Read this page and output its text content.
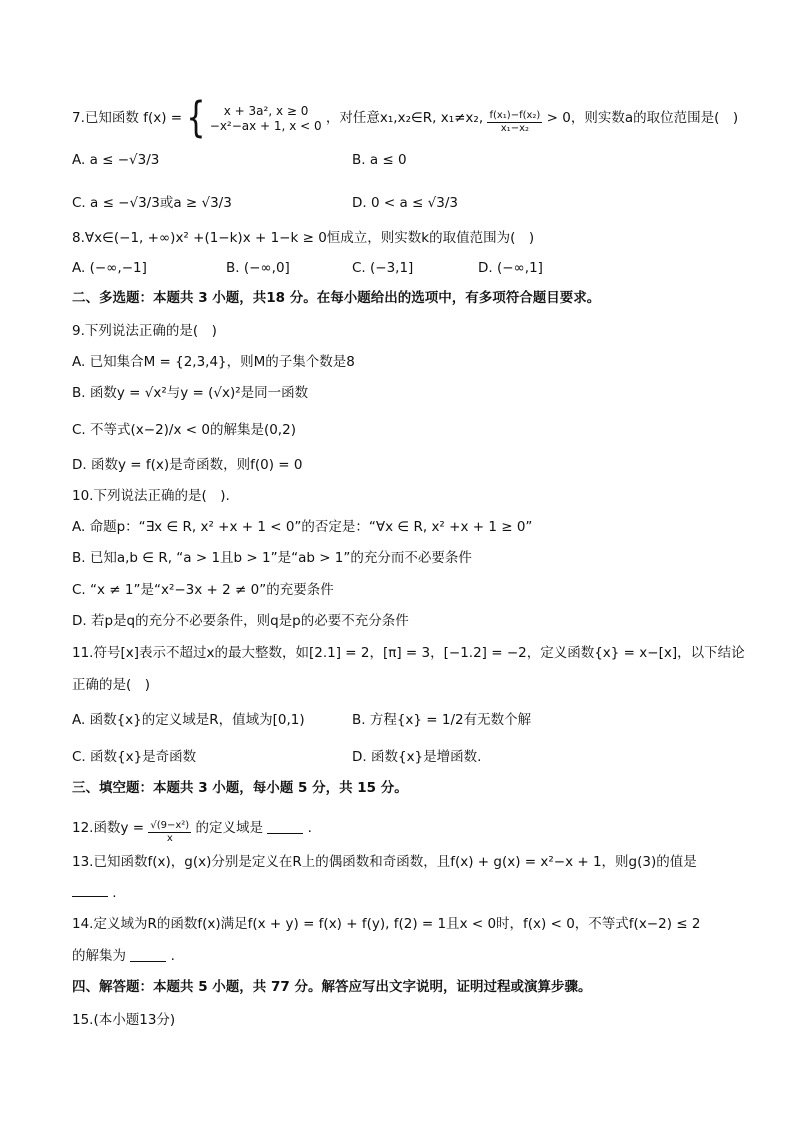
7.已知函数 f(x) = {	x + 3a², x ≥ 0
−x²−ax + 1, x < 0 ，对任意x₁,x₂∈R, x₁≠x₂, $\frac{\text{f(x₁)−f(x₂)}}{\text{x₁−x₂}} > 0$，则实数a的取位范围是(　)
A. a ≤ −√3/3	B. a ≤ 0
C. a ≤ −√3/3或a ≥ √3/3	D. 0 < a ≤ √3/3
8.∀x∈(−1, +∞)x² +(1−k)x + 1−k ≥ 0恒成立，则实数k的取值范围为(　)
A. (−∞,−1]	B. (−∞,0]	C. (−3,1]	D. (−∞,1]
二、多选题：本题共 3 小题，共18 分。在每小题给出的选项中，有多项符合题目要求。
9.下列说法正确的是(　)
A. 已知集合M = {2,3,4}，则M的子集个数是8
B. 函数y = √x²与y = (√x)²是同一函数
C. 不等式(x−2)/x < 0的解集是(0,2)
D. 函数y = f(x)是奇函数，则f(0) = 0
10.下列说法正确的是(　).
A. 命题p：“∃x ∈ R, x² +x + 1 < 0”的否定是：“∀x ∈ R, x² +x + 1 ≥ 0”
B. 已知a,b ∈ R, “a > 1且b > 1”是“ab > 1”的充分而不必要条件
C. “x ≠ 1”是“x²−3x + 2 ≠ 0”的充要条件
D. 若p是q的充分不必要条件，则q是p的必要不充分条件
11.符号[x]表示不超过x的最大整数，如[2.1] = 2，[π] = 3，[−1.2] = −2，定义函数{x} = x−[x]，以下结论
正确的是(　)
A. 函数{x}的定义域是R，值域为[0,1)	B. 方程{x} = 1/2有无数个解
C. 函数{x}是奇函数	D. 函数{x}是增函数.
三、填空题：本题共 3 小题，每小题 5 分，共 15 分。
12.函数$y = \frac{\text{√(9−x²)}}{x}$ 的定义域是	.
13.已知函数f(x)，g(x)分别是定义在R上的偶函数和奇函数，且f(x) + g(x) = x²−x + 1，则g(3)的值是
.
14.定义域为R的函数f(x)满足f(x + y) = f(x) + f(y), f(2) = 1且x < 0时，f(x) < 0，不等式f(x−2) ≤ 2
的解集为	.
四、解答题：本题共 5 小题，共 77 分。解答应写出文字说明，证明过程或演算步骤。
15.(本小题13分)
